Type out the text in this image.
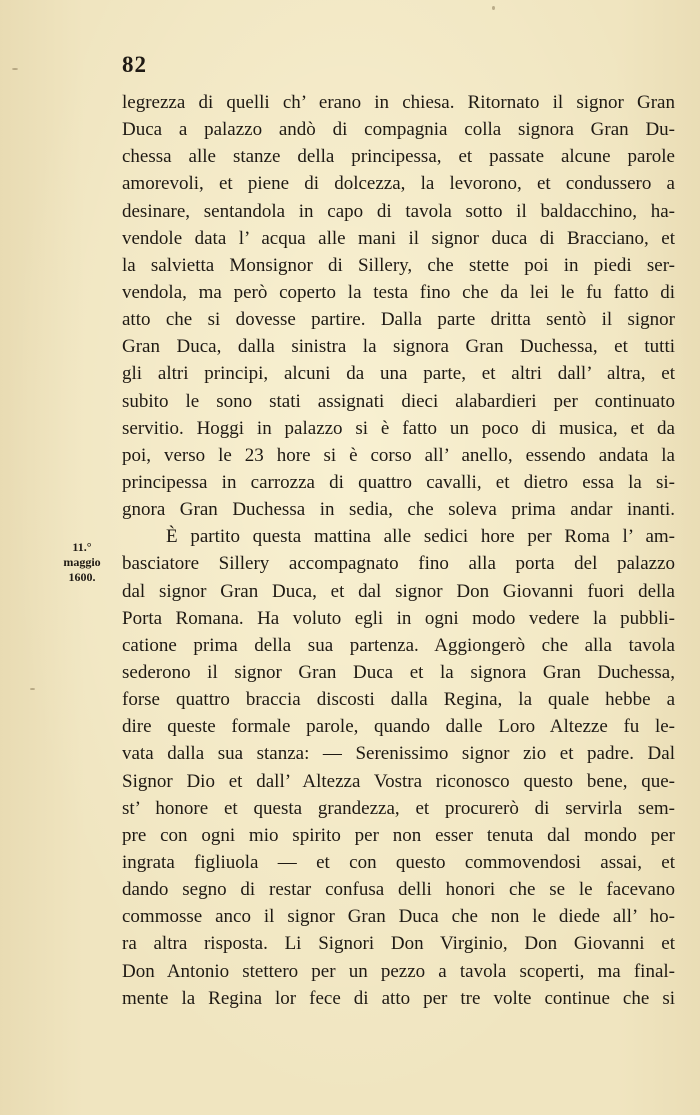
82
11.°
maggio
1600.
legrezza di quelli ch’ erano in chiesa. Ritornato il signor Gran
Duca a palazzo andò di compagnia colla signora Gran Du-
chessa alle stanze della principessa, et passate alcune parole
amorevoli, et piene di dolcezza, la levorono, et condussero a
desinare, sentandola in capo di tavola sotto il baldacchino, ha-
vendole data l’ acqua alle mani il signor duca di Bracciano, et
la salvietta Monsignor di Sillery, che stette poi in piedi ser-
vendola, ma però coperto la testa fino che da lei le fu fatto di
atto che si dovesse partire. Dalla parte dritta sentò il signor
Gran Duca, dalla sinistra la signora Gran Duchessa, et tutti
gli altri principi, alcuni da una parte, et altri dall’ altra, et
subito le sono stati assignati dieci alabardieri per continuato
servitio. Hoggi in palazzo si è fatto un poco di musica, et da
poi, verso le 23 hore si è corso all’ anello, essendo andata la
principessa in carrozza di quattro cavalli, et dietro essa la si-
gnora Gran Duchessa in sedia, che soleva prima andar inanti.
È partito questa mattina alle sedici hore per Roma l’ am-
basciatore Sillery accompagnato fino alla porta del palazzo
dal signor Gran Duca, et dal signor Don Giovanni fuori della
Porta Romana. Ha voluto egli in ogni modo vedere la pubbli-
catione prima della sua partenza. Aggiongerò che alla tavola
sederono il signor Gran Duca et la signora Gran Duchessa,
forse quattro braccia discosti dalla Regina, la quale hebbe a
dire queste formale parole, quando dalle Loro Altezze fu le-
vata dalla sua stanza: — Serenissimo signor zio et padre. Dal
Signor Dio et dall’ Altezza Vostra riconosco questo bene, que-
st’ honore et questa grandezza, et procurerò di servirla sem-
pre con ogni mio spirito per non esser tenuta dal mondo per
ingrata figliuola — et con questo commovendosi assai, et
dando segno di restar confusa delli honori che se le facevano
commosse anco il signor Gran Duca che non le diede all’ ho-
ra altra risposta. Li Signori Don Virginio, Don Giovanni et
Don Antonio stettero per un pezzo a tavola scoperti, ma final-
mente la Regina lor fece di atto per tre volte continue che si
